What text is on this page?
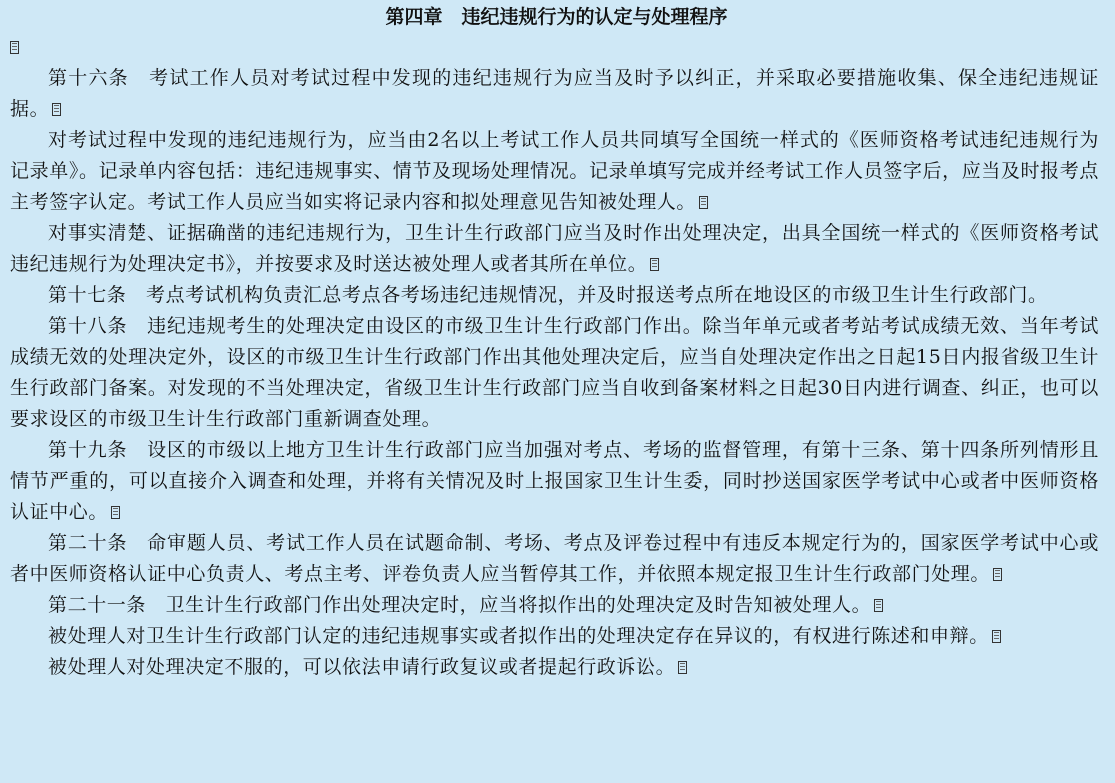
第四章　违纪违规行为的认定与处理程序

第十六条　考试工作人员对考试过程中发现的违纪违规行为应当及时予以纠正，并采取必要措施收集、保全违纪违规证据。

对考试过程中发现的违纪违规行为，应当由2名以上考试工作人员共同填写全国统一样式的《医师资格考试违纪违规行为记录单》。记录单内容包括：违纪违规事实、情节及现场处理情况。记录单填写完成并经考试工作人员签字后，应当及时报考点主考签字认定。考试工作人员应当如实将记录内容和拟处理意见告知被处理人。

对事实清楚、证据确凿的违纪违规行为，卫生计生行政部门应当及时作出处理决定，出具全国统一样式的《医师资格考试违纪违规行为处理决定书》，并按要求及时送达被处理人或者其所在单位。

第十七条　考点考试机构负责汇总考点各考场违纪违规情况，并及时报送考点所在地设区的市级卫生计生行政部门。

第十八条　违纪违规考生的处理决定由设区的市级卫生计生行政部门作出。除当年单元或者考站考试成绩无效、当年考试成绩无效的处理决定外，设区的市级卫生计生行政部门作出其他处理决定后，应当自处理决定作出之日起15日内报省级卫生计生行政部门备案。对发现的不当处理决定，省级卫生计生行政部门应当自收到备案材料之日起30日内进行调查、纠正，也可以要求设区的市级卫生计生行政部门重新调查处理。

第十九条　设区的市级以上地方卫生计生行政部门应当加强对考点、考场的监督管理，有第十三条、第十四条所列情形且情节严重的，可以直接介入调查和处理，并将有关情况及时上报国家卫生计生委，同时抄送国家医学考试中心或者中医师资格认证中心。

第二十条　命审题人员、考试工作人员在试题命制、考场、考点及评卷过程中有违反本规定行为的，国家医学考试中心或者中医师资格认证中心负责人、考点主考、评卷负责人应当暂停其工作，并依照本规定报卫生计生行政部门处理。

第二十一条　卫生计生行政部门作出处理决定时，应当将拟作出的处理决定及时告知被处理人。

被处理人对卫生计生行政部门认定的违纪违规事实或者拟作出的处理决定存在异议的，有权进行陈述和申辩。

被处理人对处理决定不服的，可以依法申请行政复议或者提起行政诉讼。
